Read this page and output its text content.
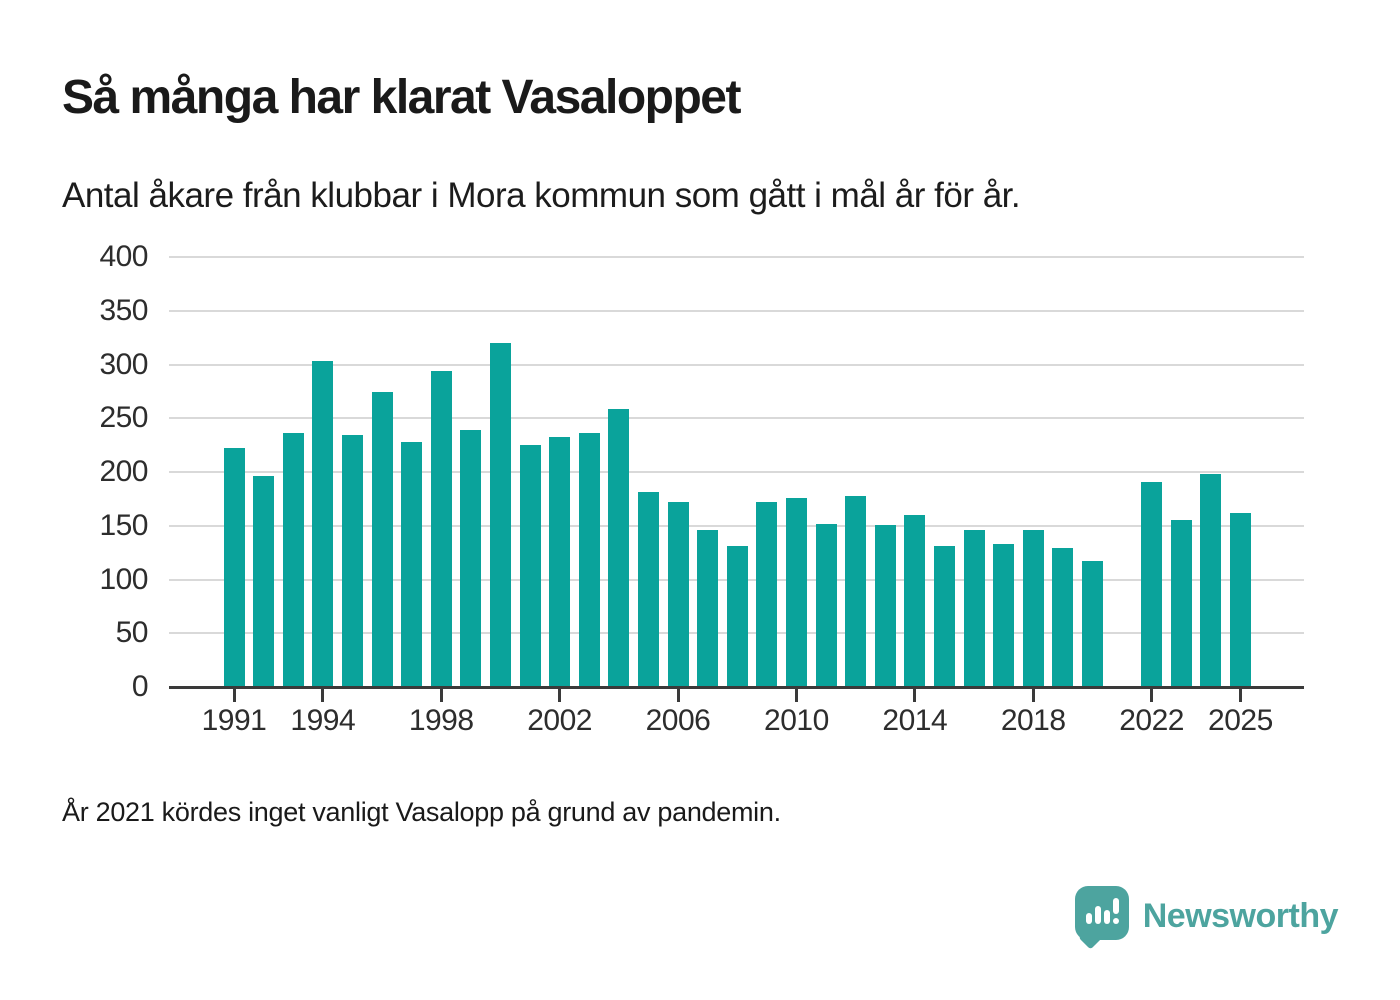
Så många har klarat Vasaloppet
Antal åkare från klubbar i Mora kommun som gått i mål år för år.
0
50
100
150
200
250
300
350
400
1991 1994	1998	2002	2006	2010	2014	2018	2022 2025
År 2021 kördes inget vanligt Vasalopp på grund av pandemin.
Newsworthy
